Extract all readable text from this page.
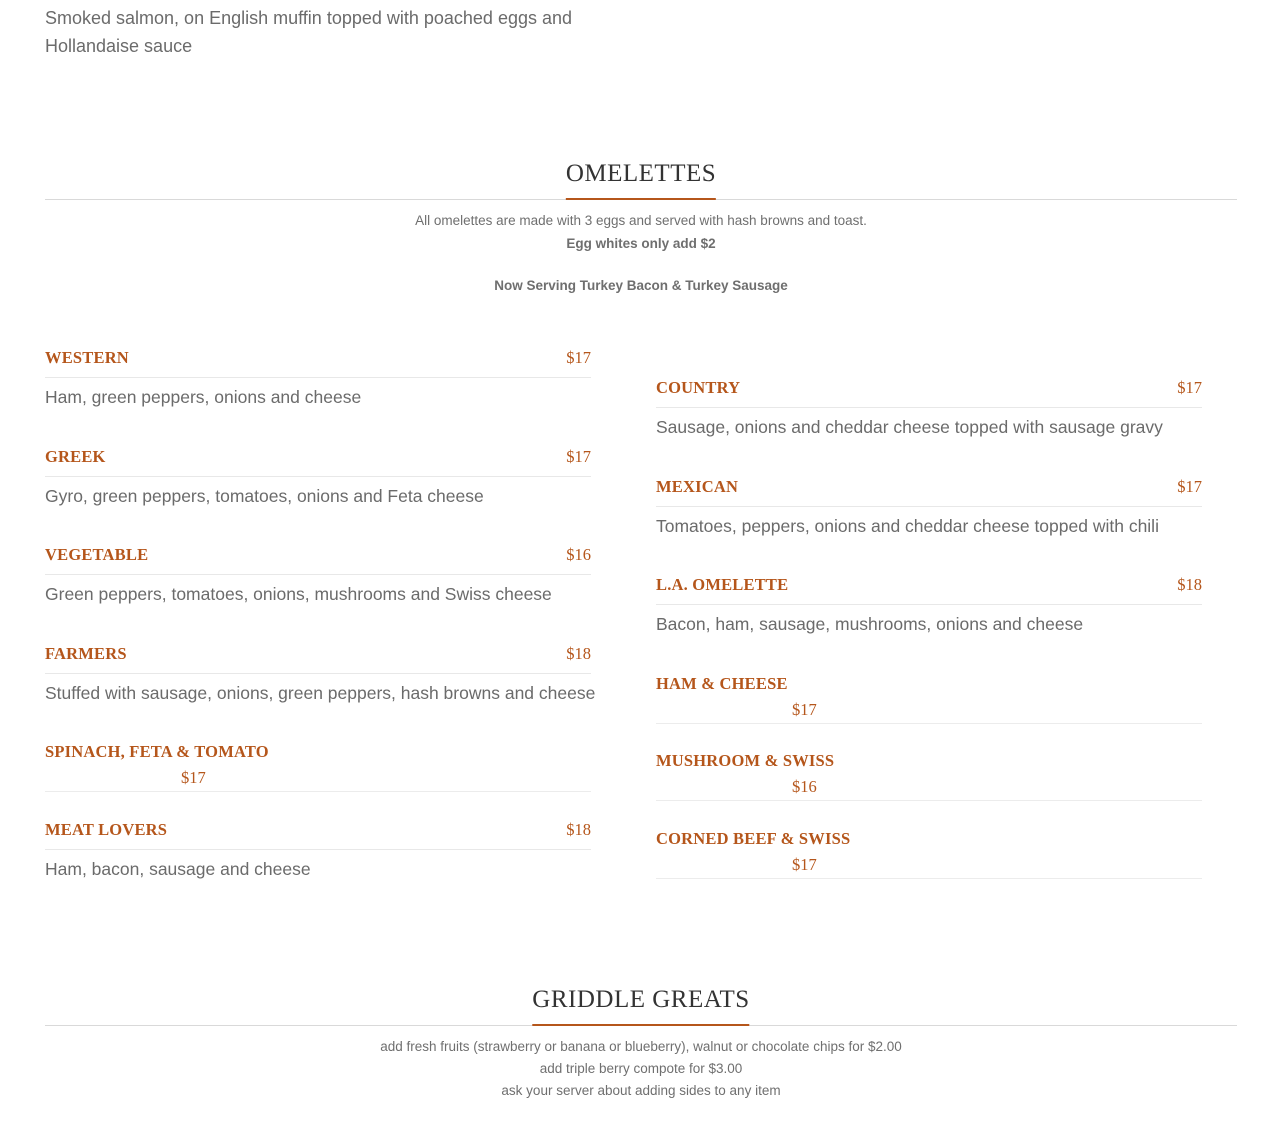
Smoked salmon, on English muffin topped with poached eggs and Hollandaise sauce
OMELETTES
All omelettes are made with 3 eggs and served with hash browns and toast.
Egg whites only add $2
Now Serving Turkey Bacon & Turkey Sausage
WESTERN	$17
Ham, green peppers, onions and cheese
GREEK	$17
Gyro, green peppers, tomatoes, onions and Feta cheese
VEGETABLE	$16
Green peppers, tomatoes, onions, mushrooms and Swiss cheese
FARMERS	$18
Stuffed with sausage, onions, green peppers, hash browns and cheese
SPINACH, FETA & TOMATO
$17
MEAT LOVERS	$18
Ham, bacon, sausage and cheese
COUNTRY	$17
Sausage, onions and cheddar cheese topped with sausage gravy
MEXICAN	$17
Tomatoes, peppers, onions and cheddar cheese topped with chili
L.A. OMELETTE	$18
Bacon, ham, sausage, mushrooms, onions and cheese
HAM & CHEESE
$17
MUSHROOM & SWISS
$16
CORNED BEEF & SWISS
$17
GRIDDLE GREATS
add fresh fruits (strawberry or banana or blueberry), walnut or chocolate chips for $2.00
add triple berry compote for $3.00
ask your server about adding sides to any item
